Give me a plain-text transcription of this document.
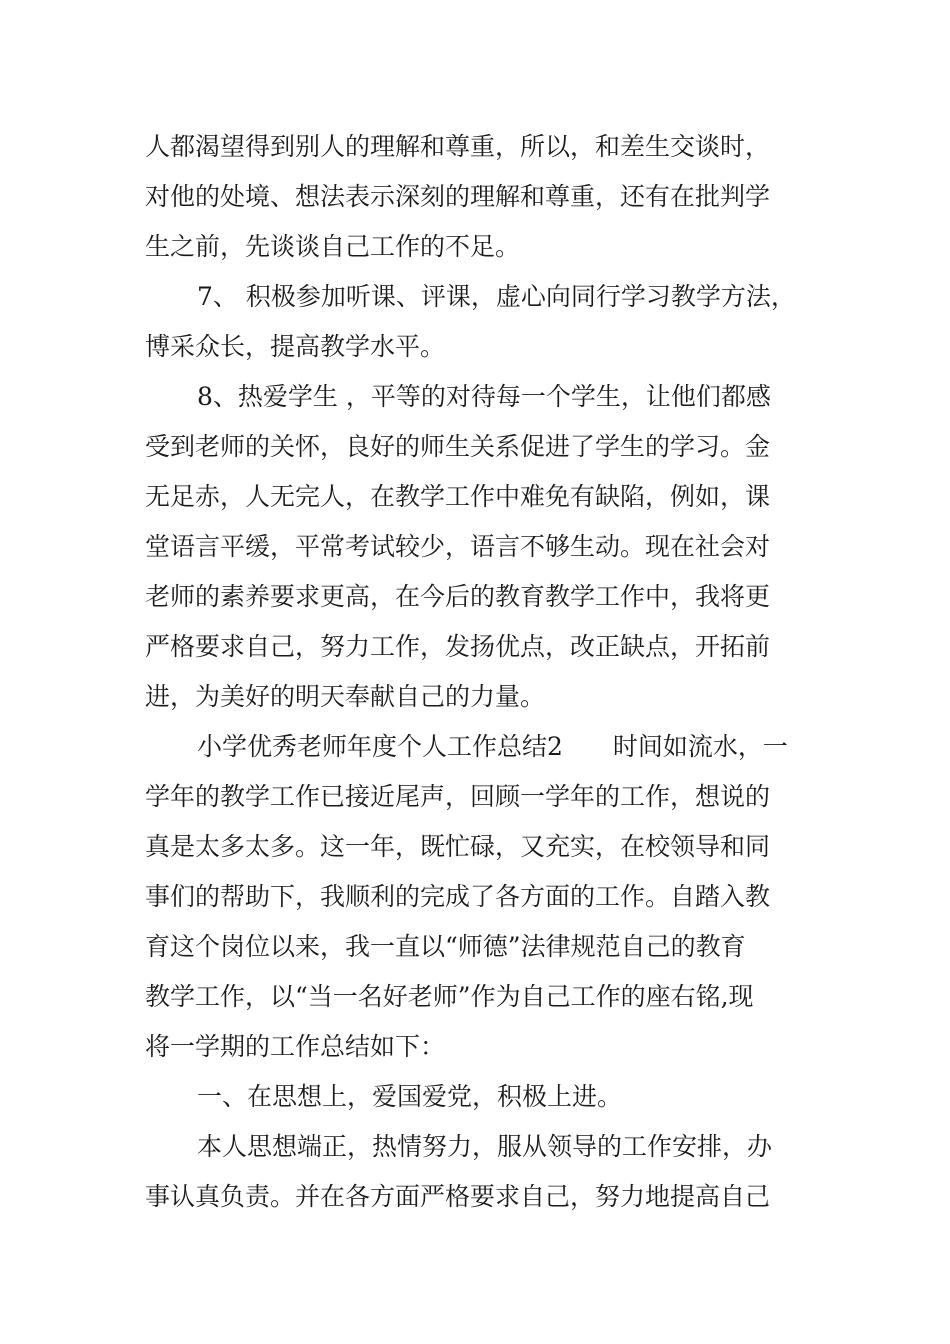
人都渴望得到别人的理解和尊重，所以，和差生交谈时，
对他的处境、想法表示深刻的理解和尊重，还有在批判学
生之前，先谈谈自己工作的不足。
7、 积极参加听课、评课，虚心向同行学习教学方法，
博采众长，提高教学水平。
8、热爱学生 ，平等的对待每一个学生，让他们都感
受到老师的关怀，良好的师生关系促进了学生的学习。金
无足赤，人无完人，在教学工作中难免有缺陷，例如，课
堂语言平缓，平常考试较少，语言不够生动。现在社会对
老师的素养要求更高，在今后的教育教学工作中，我将更
严格要求自己，努力工作，发扬优点，改正缺点，开拓前
进，为美好的明天奉献自己的力量。
小学优秀老师年度个人工作总结2　　时间如流水，一
学年的教学工作已接近尾声，回顾一学年的工作，想说的
真是太多太多。这一年，既忙碌，又充实，在校领导和同
事们的帮助下，我顺利的完成了各方面的工作。自踏入教
育这个岗位以来，我一直以“师德”法律规范自己的教育
教学工作，以“当一名好老师”作为自己工作的座右铭,现
将一学期的工作总结如下：
一、在思想上，爱国爱党，积极上进。
本人思想端正，热情努力，服从领导的工作安排，办
事认真负责。并在各方面严格要求自己，努力地提高自己
